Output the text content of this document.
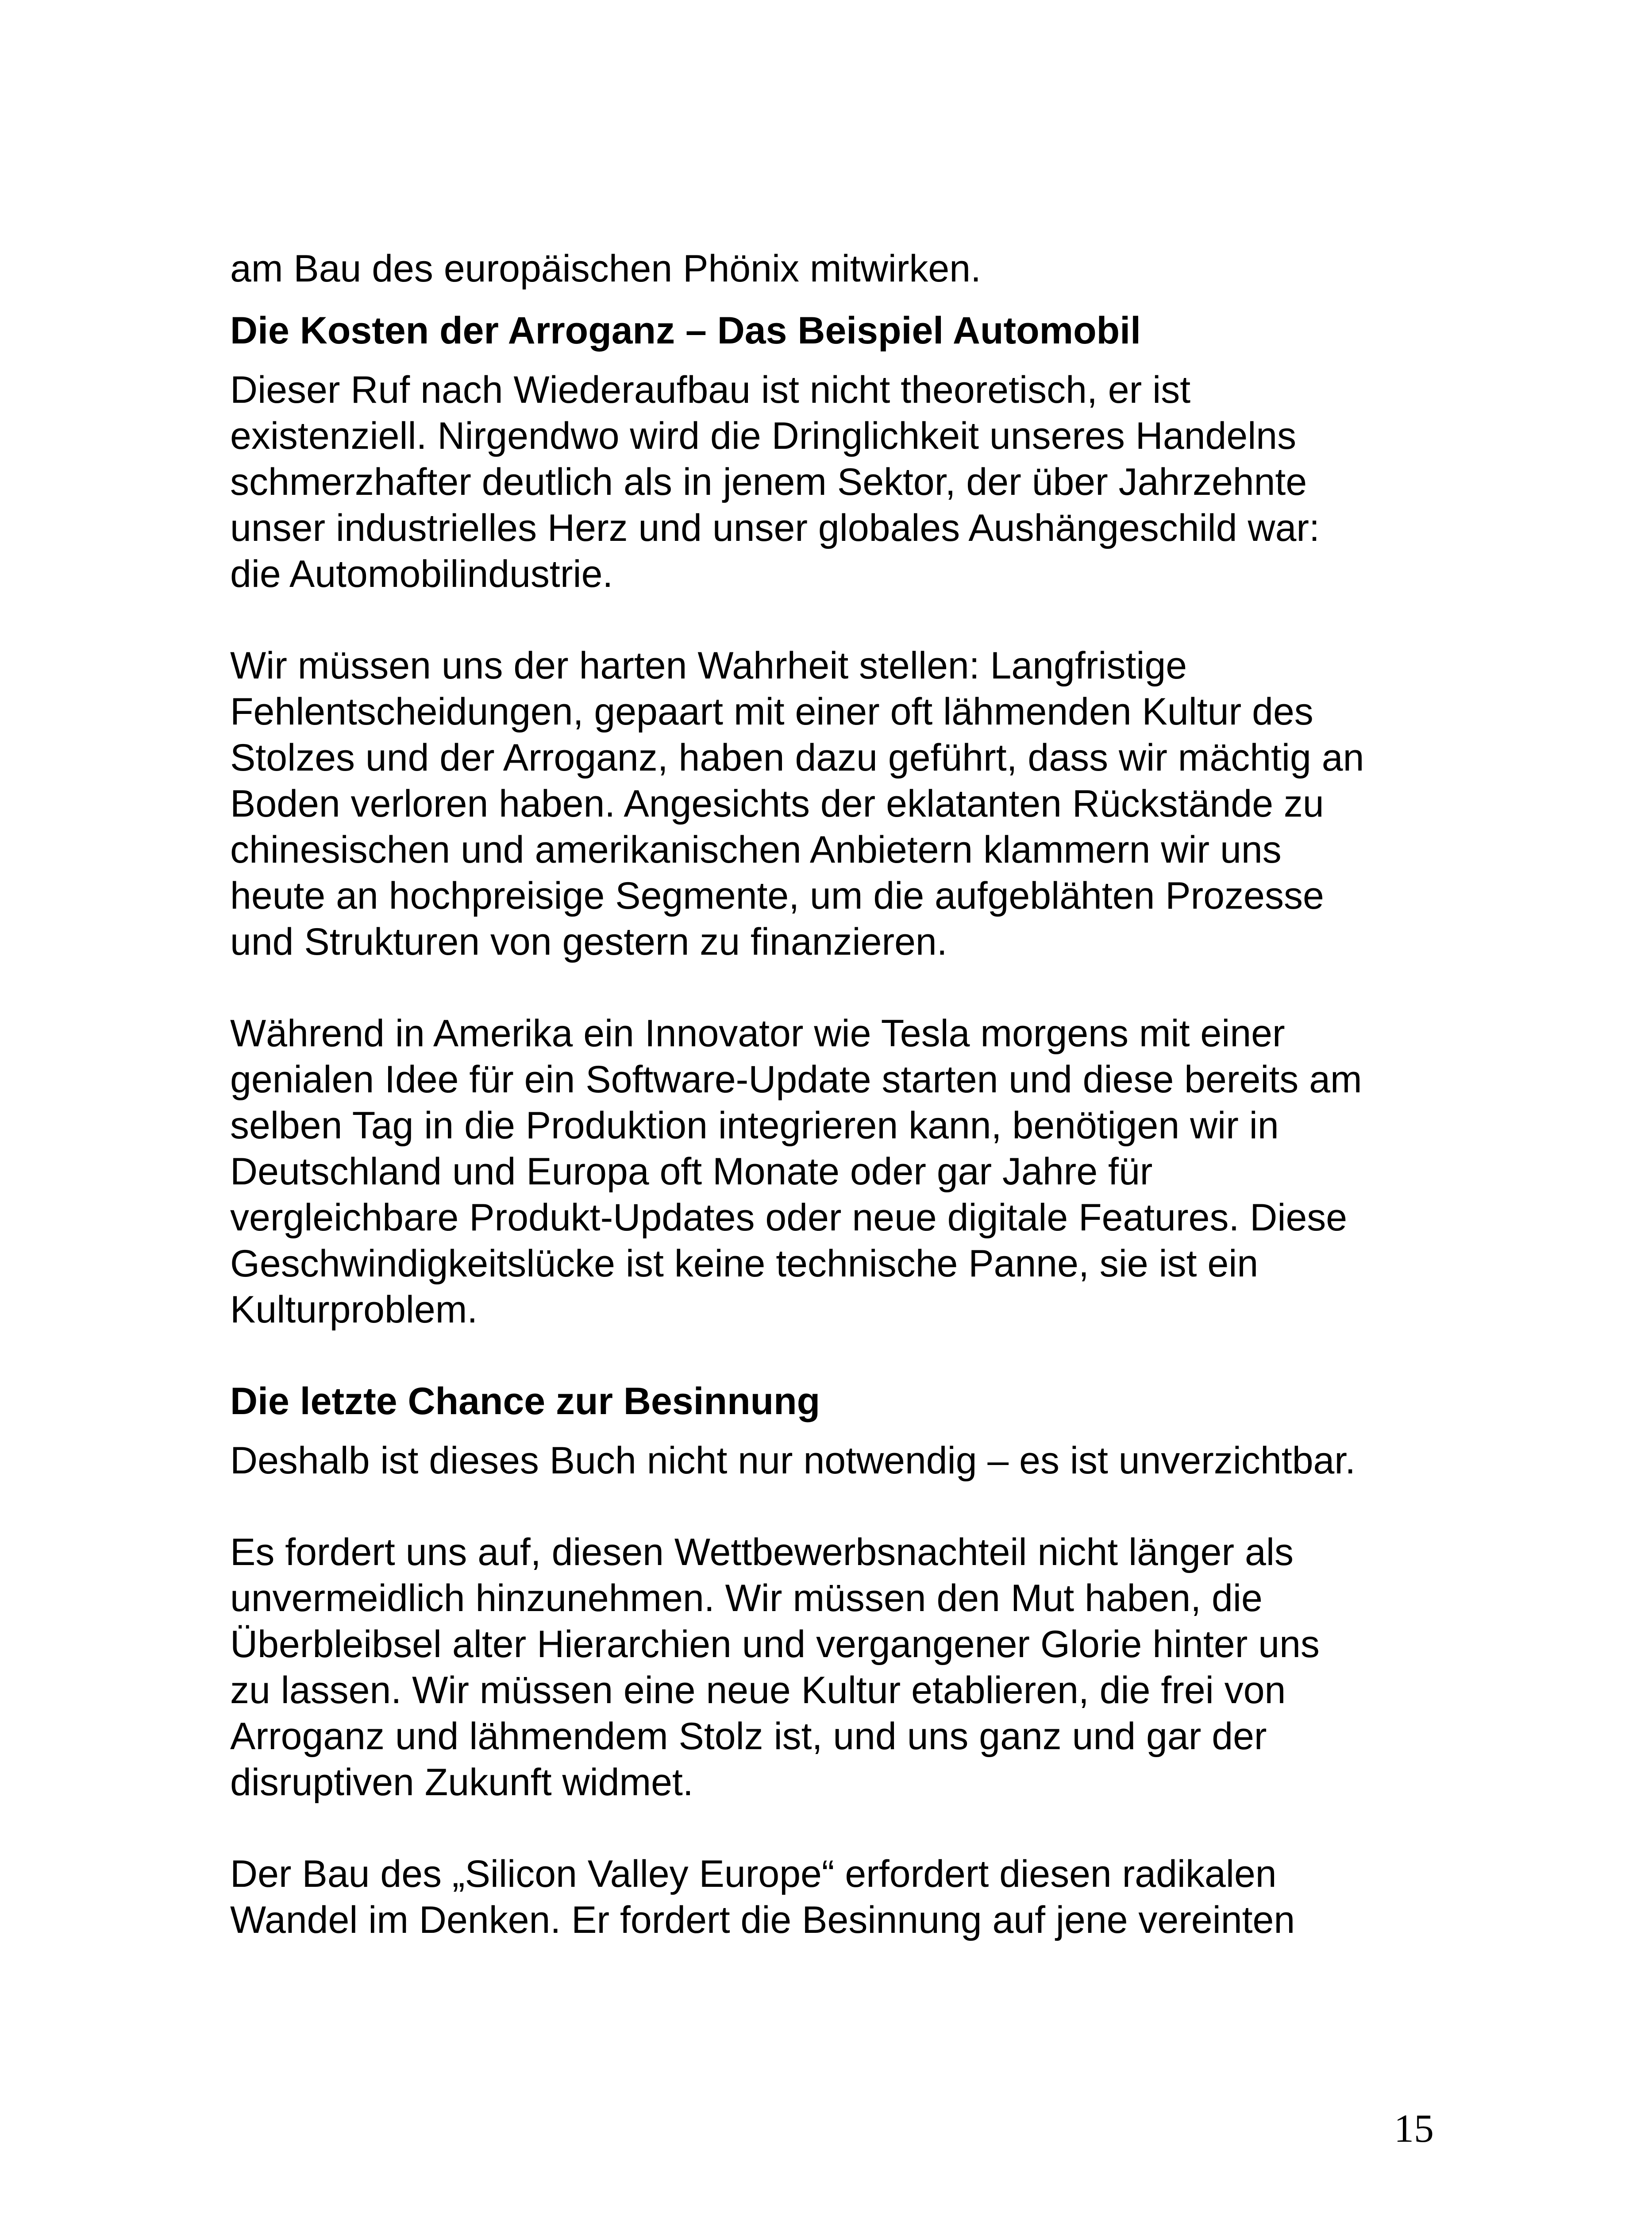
am Bau des europäischen Phönix mitwirken.

Die Kosten der Arroganz – Das Beispiel Automobil

Dieser Ruf nach Wiederaufbau ist nicht theoretisch, er ist
existenziell. Nirgendwo wird die Dringlichkeit unseres Handelns
schmerzhafter deutlich als in jenem Sektor, der über Jahrzehnte
unser industrielles Herz und unser globales Aushängeschild war:
die Automobilindustrie.

Wir müssen uns der harten Wahrheit stellen: Langfristige
Fehlentscheidungen, gepaart mit einer oft lähmenden Kultur des
Stolzes und der Arroganz, haben dazu geführt, dass wir mächtig an
Boden verloren haben. Angesichts der eklatanten Rückstände zu
chinesischen und amerikanischen Anbietern klammern wir uns
heute an hochpreisige Segmente, um die aufgeblähten Prozesse
und Strukturen von gestern zu finanzieren.

Während in Amerika ein Innovator wie Tesla morgens mit einer
genialen Idee für ein Software-Update starten und diese bereits am
selben Tag in die Produktion integrieren kann, benötigen wir in
Deutschland und Europa oft Monate oder gar Jahre für
vergleichbare Produkt-Updates oder neue digitale Features. Diese
Geschwindigkeitslücke ist keine technische Panne, sie ist ein
Kulturproblem.

Die letzte Chance zur Besinnung

Deshalb ist dieses Buch nicht nur notwendig – es ist unverzichtbar.

Es fordert uns auf, diesen Wettbewerbsnachteil nicht länger als
unvermeidlich hinzunehmen. Wir müssen den Mut haben, die
Überbleibsel alter Hierarchien und vergangener Glorie hinter uns
zu lassen. Wir müssen eine neue Kultur etablieren, die frei von
Arroganz und lähmendem Stolz ist, und uns ganz und gar der
disruptiven Zukunft widmet.

Der Bau des „Silicon Valley Europe“ erfordert diesen radikalen
Wandel im Denken. Er fordert die Besinnung auf jene vereinten

15
